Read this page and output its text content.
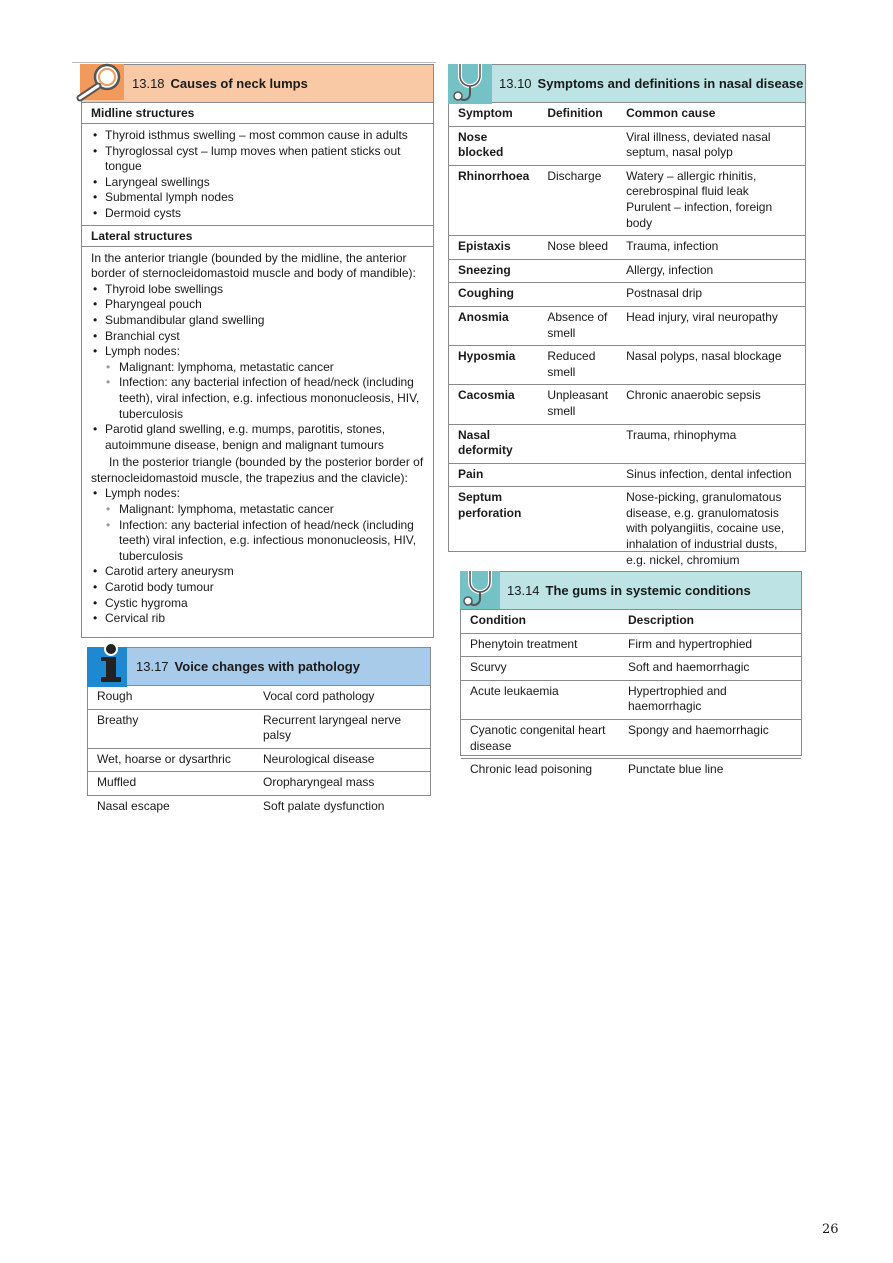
13.18 Causes of neck lumps
Midline structures
• Thyroid isthmus swelling – most common cause in adults
• Thyroglossal cyst – lump moves when patient sticks out tongue
• Laryngeal swellings
• Submental lymph nodes
• Dermoid cysts
Lateral structures
In the anterior triangle (bounded by the midline, the anterior border of sternocleidomastoid muscle and body of mandible):
• Thyroid lobe swellings
• Pharyngeal pouch
• Submandibular gland swelling
• Branchial cyst
• Lymph nodes:
• Malignant: lymphoma, metastatic cancer
• Infection: any bacterial infection of head/neck (including teeth), viral infection, e.g. infectious mononucleosis, HIV, tuberculosis
• Parotid gland swelling, e.g. mumps, parotitis, stones, autoimmune disease, benign and malignant tumours
In the posterior triangle (bounded by the posterior border of sternocleidomastoid muscle, the trapezius and the clavicle):
• Lymph nodes:
• Malignant: lymphoma, metastatic cancer
• Infection: any bacterial infection of head/neck (including teeth) viral infection, e.g. infectious mononucleosis, HIV, tuberculosis
• Carotid artery aneurysm
• Carotid body tumour
• Cystic hygroma
• Cervical rib
13.17 Voice changes with pathology
Rough	Vocal cord pathology
Breathy	Recurrent laryngeal nerve palsy
Wet, hoarse or dysarthric	Neurological disease
Muffled	Oropharyngeal mass
Nasal escape	Soft palate dysfunction
13.10 Symptoms and definitions in nasal disease
Symptom	Definition	Common cause
Nose blocked		Viral illness, deviated nasal septum, nasal polyp
Rhinorrhoea	Discharge	Watery – allergic rhinitis, cerebrospinal fluid leak
		Purulent – infection, foreign body
Epistaxis	Nose bleed	Trauma, infection
Sneezing		Allergy, infection
Coughing		Postnasal drip
Anosmia	Absence of smell	Head injury, viral neuropathy
Hyposmia	Reduced smell	Nasal polyps, nasal blockage
Cacosmia	Unpleasant smell	Chronic anaerobic sepsis
Nasal deformity		Trauma, rhinophyma
Pain		Sinus infection, dental infection
Septum perforation		Nose-picking, granulomatous disease, e.g. granulomatosis with polyangiitis, cocaine use, inhalation of industrial dusts, e.g. nickel, chromium
13.14 The gums in systemic conditions
Condition	Description
Phenytoin treatment	Firm and hypertrophied
Scurvy	Soft and haemorrhagic
Acute leukaemia	Hypertrophied and haemorrhagic
Cyanotic congenital heart disease	Spongy and haemorrhagic
Chronic lead poisoning	Punctate blue line
26
